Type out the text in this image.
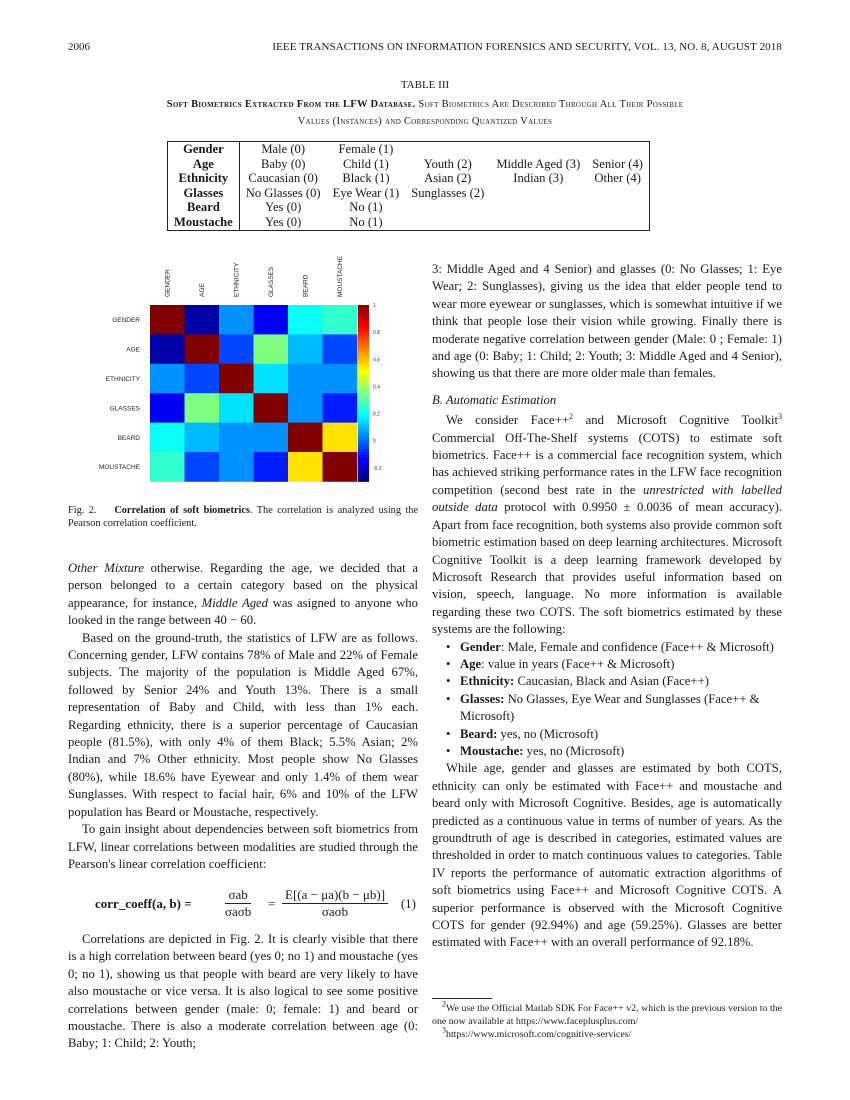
2006	IEEE TRANSACTIONS ON INFORMATION FORENSICS AND SECURITY, VOL. 13, NO. 8, AUGUST 2018
TABLE III
Soft Biometrics Extracted From the LFW Database. Soft Biometrics Are Described Through All Their Possible Values (Instances) and Corresponding Quantized Values
Gender	Male (0)	Female (1)			
Age	Baby (0)	Child (1)	Youth (2)	Middle Aged (3)	Senior (4)
Ethnicity	Caucasian (0)	Black (1)	Asian (2)	Indian (3)	Other (4)
Glasses	No Glasses (0)	Eye Wear (1)	Sunglasses (2)		
Beard	Yes (0)	No (1)			
Moustache	Yes (0)	No (1)			
GENDER
AGE
ETHNICITY
GLASSES
BEARD
MOUSTACHE
GENDER	AGE	ETHNICITY	GLASSES	BEARD	MOUSTACHE
1
0.8
0.6
0.4
0.2
0
-0.2
Fig. 2. Correlation of soft biometrics. The correlation is analyzed using the Pearson correlation coefficient.

Other Mixture otherwise. Regarding the age, we decided that a person belonged to a certain category based on the physical appearance, for instance, Middle Aged was asigned to anyone who looked in the range between 40 − 60.

Based on the ground-truth, the statistics of LFW are as follows. Concerning gender, LFW contains 78% of Male and 22% of Female subjects. The majority of the population is Middle Aged 67%, followed by Senior 24% and Youth 13%. There is a small representation of Baby and Child, with less than 1% each. Regarding ethnicity, there is a superior percentage of Caucasian people (81.5%), with only 4% of them Black; 5.5% Asian; 2% Indian and 7% Other ethnicity. Most people show No Glasses (80%), while 18.6% have Eyewear and only 1.4% of them wear Sunglasses. With respect to facial hair, 6% and 10% of the LFW population has Beard or Moustache, respectively.

To gain insight about dependencies between soft biometrics from LFW, linear correlations between modalities are studied through the Pearson's linear correlation coefficient:

corr_coeff(a, b) =
σab
σaσb
=
E[(a − μa)(b − μb)]
σaσb
(1)

Correlations are depicted in Fig. 2. It is clearly visible that there is a high correlation between beard (yes 0; no 1) and moustache (yes 0; no 1), showing us that people with beard are very likely to have also moustache or vice versa. It is also logical to see some positive correlations between gender (male: 0; female: 1) and beard or moustache. There is also a moderate correlation between age (0: Baby; 1: Child; 2: Youth;

3: Middle Aged and 4 Senior) and glasses (0: No Glasses; 1: Eye Wear; 2: Sunglasses), giving us the idea that elder people tend to wear more eyewear or sunglasses, which is somewhat intuitive if we think that people lose their vision while growing. Finally there is moderate negative correlation between gender (Male: 0 ; Female: 1) and age (0: Baby; 1: Child; 2: Youth; 3: Middle Aged and 4 Senior), showing us that there are more older male than females.

B. Automatic Estimation

We consider Face++$^2$ and Microsoft Cognitive Toolkit$^3$ Commercial Off-The-Shelf systems (COTS) to estimate soft biometrics. Face++ is a commercial face recognition system, which has achieved striking performance rates in the LFW face recognition competition (second best rate in the unrestricted with labelled outside data protocol with 0.9950 ± 0.0036 of mean accuracy). Apart from face recognition, both systems also provide common soft biometric estimation based on deep learning architectures. Microsoft Cognitive Toolkit is a deep learning framework developed by Microsoft Research that provides useful information based on vision, speech, language. No more information is available regarding these two COTS. The soft biometrics estimated by these systems are the following:

• Gender: Male, Female and confidence (Face++ & Microsoft)
• Age: value in years (Face++ & Microsoft)
• Ethnicity: Caucasian, Black and Asian (Face++)
• Glasses: No Glasses, Eye Wear and Sunglasses (Face++ & Microsoft)
• Beard: yes, no (Microsoft)
• Moustache: yes, no (Microsoft)

While age, gender and glasses are estimated by both COTS, ethnicity can only be estimated with Face++ and moustache and beard only with Microsoft Cognitive. Besides, age is automatically predicted as a continuous value in terms of number of years. As the groundtruth of age is described in categories, estimated values are thresholded in order to match continuous values to categories. Table IV reports the performance of automatic extraction algorithms of soft biometrics using Face++ and Microsoft Cognitive COTS. A superior performance is observed with the Microsoft Cognitive COTS for gender (92.94%) and age (59.25%). Glasses are better estimated with Face++ with an overall performance of 92.18%.

$^2$We use the Official Matlab SDK For Face++ v2, which is the previous version to the one now available at https://www.faceplusplus.com/
$^3$https://www.microsoft.com/cognitive-services/
